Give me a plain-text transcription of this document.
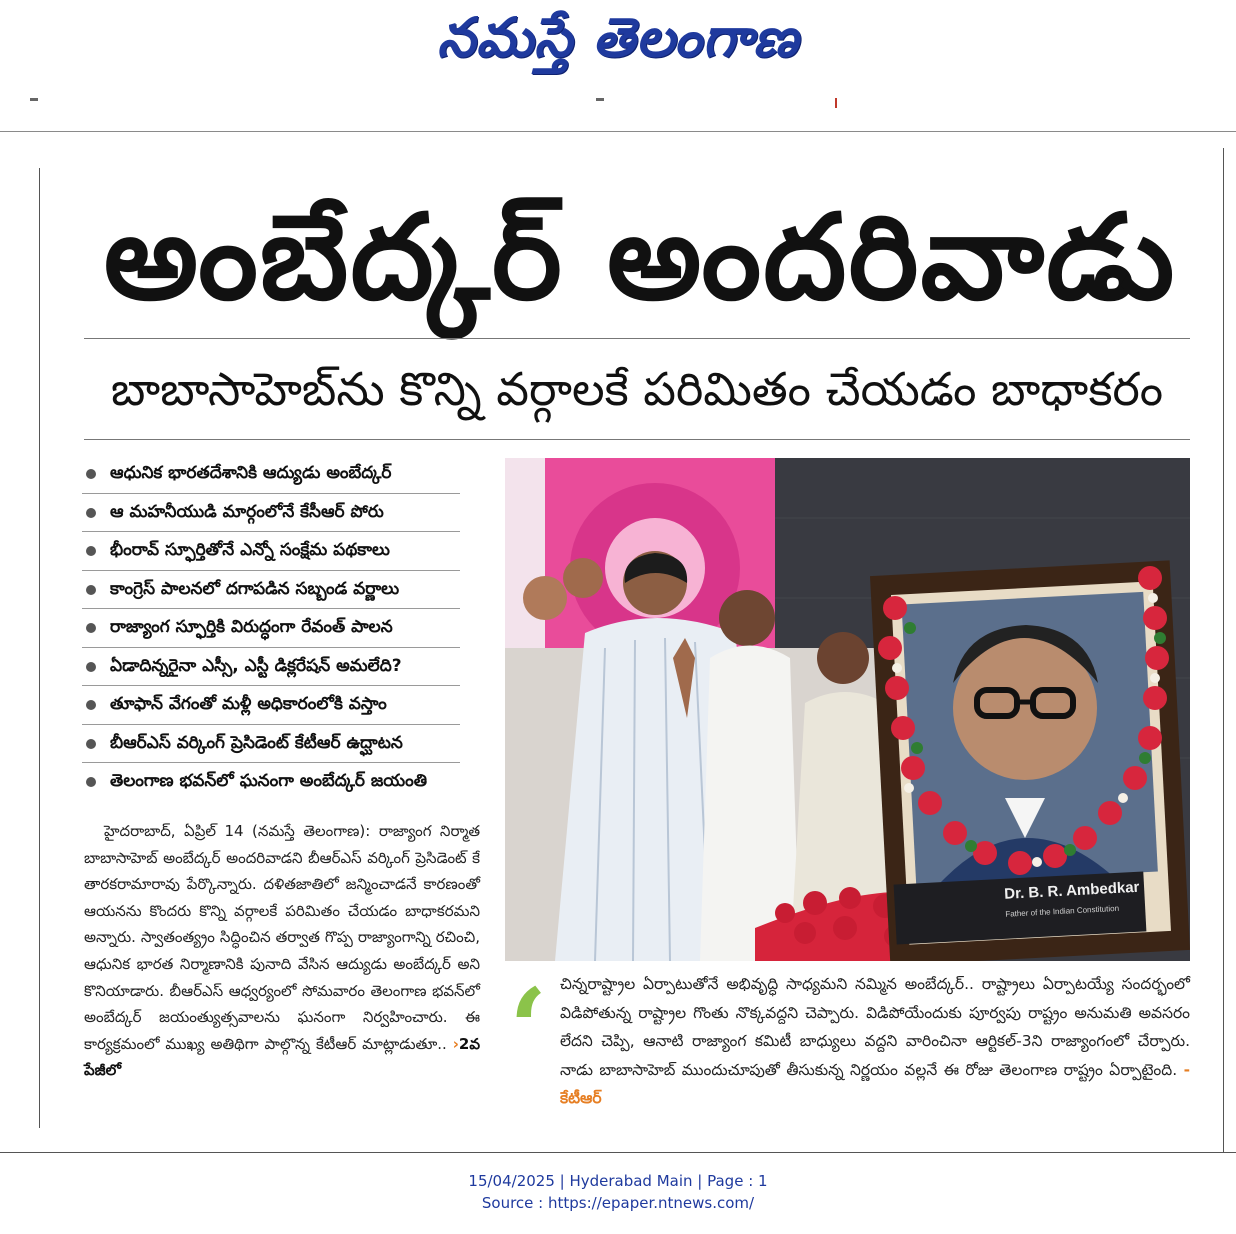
నమస్తే తెలంగాణ
అంబేద్కర్ అందరివాడు
బాబాసాహెబ్‌ను కొన్ని వర్గాలకే పరిమితం చేయడం బాధాకరం
ఆధునిక భారతదేశానికి ఆద్యుడు అంబేద్కర్
ఆ మహనీయుడి మార్గంలోనే కేసీఆర్ పోరు
భీంరావ్ స్ఫూర్తితోనే ఎన్నో సంక్షేమ పథకాలు
కాంగ్రెస్ పాలనలో దగాపడిన సబ్బండ వర్ణాలు
రాజ్యాంగ స్ఫూర్తికి విరుద్ధంగా రేవంత్ పాలన
ఏడాదిన్నరైనా ఎస్సీ, ఎస్టీ డిక్లరేషన్ అమలేది?
తూఫాన్ వేగంతో మళ్లీ అధికారంలోకి వస్తాం
బీఆర్ఎస్ వర్కింగ్ ప్రెసిడెంట్ కేటీఆర్ ఉద్ఘాటన
తెలంగాణ భవన్‌లో ఘనంగా అంబేద్కర్ జయంతి

హైదరాబాద్, ఏప్రిల్ 14 (నమస్తే తెలంగాణ): రాజ్యాంగ నిర్మాత బాబాసాహెబ్ అంబేద్కర్ అందరివాడని బీఆర్ఎస్ వర్కింగ్ ప్రెసిడెంట్ కే తారకరామారావు పేర్కొన్నారు. దళితజాతిలో జన్మించాడనే కారణంతో ఆయనను కొందరు కొన్ని వర్గాలకే పరిమితం చేయడం బాధాకరమని అన్నారు. స్వాతంత్య్రం సిద్ధించిన తర్వాత గొప్ప రాజ్యాంగాన్ని రచించి, ఆధునిక భారత నిర్మాణానికి పునాది వేసిన ఆద్యుడు అంబేద్కర్ అని కొనియాడారు. బీఆర్ఎస్ ఆధ్వర్యంలో సోమవారం తెలంగాణ భవన్‌లో అంబేద్కర్ జయంత్యుత్సవాలను ఘనంగా నిర్వహించారు. ఈ కార్యక్రమంలో ముఖ్య అతిథిగా పాల్గొన్న కేటీఆర్ మాట్లాడుతూ.. ›2వ పేజీలో

Dr. B. R. Ambedkar
Father of the Indian Constitution
‘ చిన్నరాష్ట్రాల ఏర్పాటుతోనే అభివృద్ధి సాధ్యమని నమ్మిన అంబేద్కర్.. రాష్ట్రాలు ఏర్పాటయ్యే సందర్భంలో విడిపోతున్న రాష్ట్రాల గొంతు నొక్కవద్దని చెప్పారు. విడిపోయేందుకు పూర్వపు రాష్ట్రం అనుమతి అవసరం లేదని చెప్పి, ఆనాటి రాజ్యాంగ కమిటీ బాధ్యులు వద్దని వారించినా ఆర్టికల్-3ని రాజ్యాంగంలో చేర్పారు. నాడు బాబాసాహెబ్ ముందుచూపుతో తీసుకున్న నిర్ణయం వల్లనే ఈ రోజు తెలంగాణ రాష్ట్రం ఏర్పాటైంది. - కేటీఆర్
15/04/2025 | Hyderabad Main | Page : 1
Source : https://epaper.ntnews.com/
